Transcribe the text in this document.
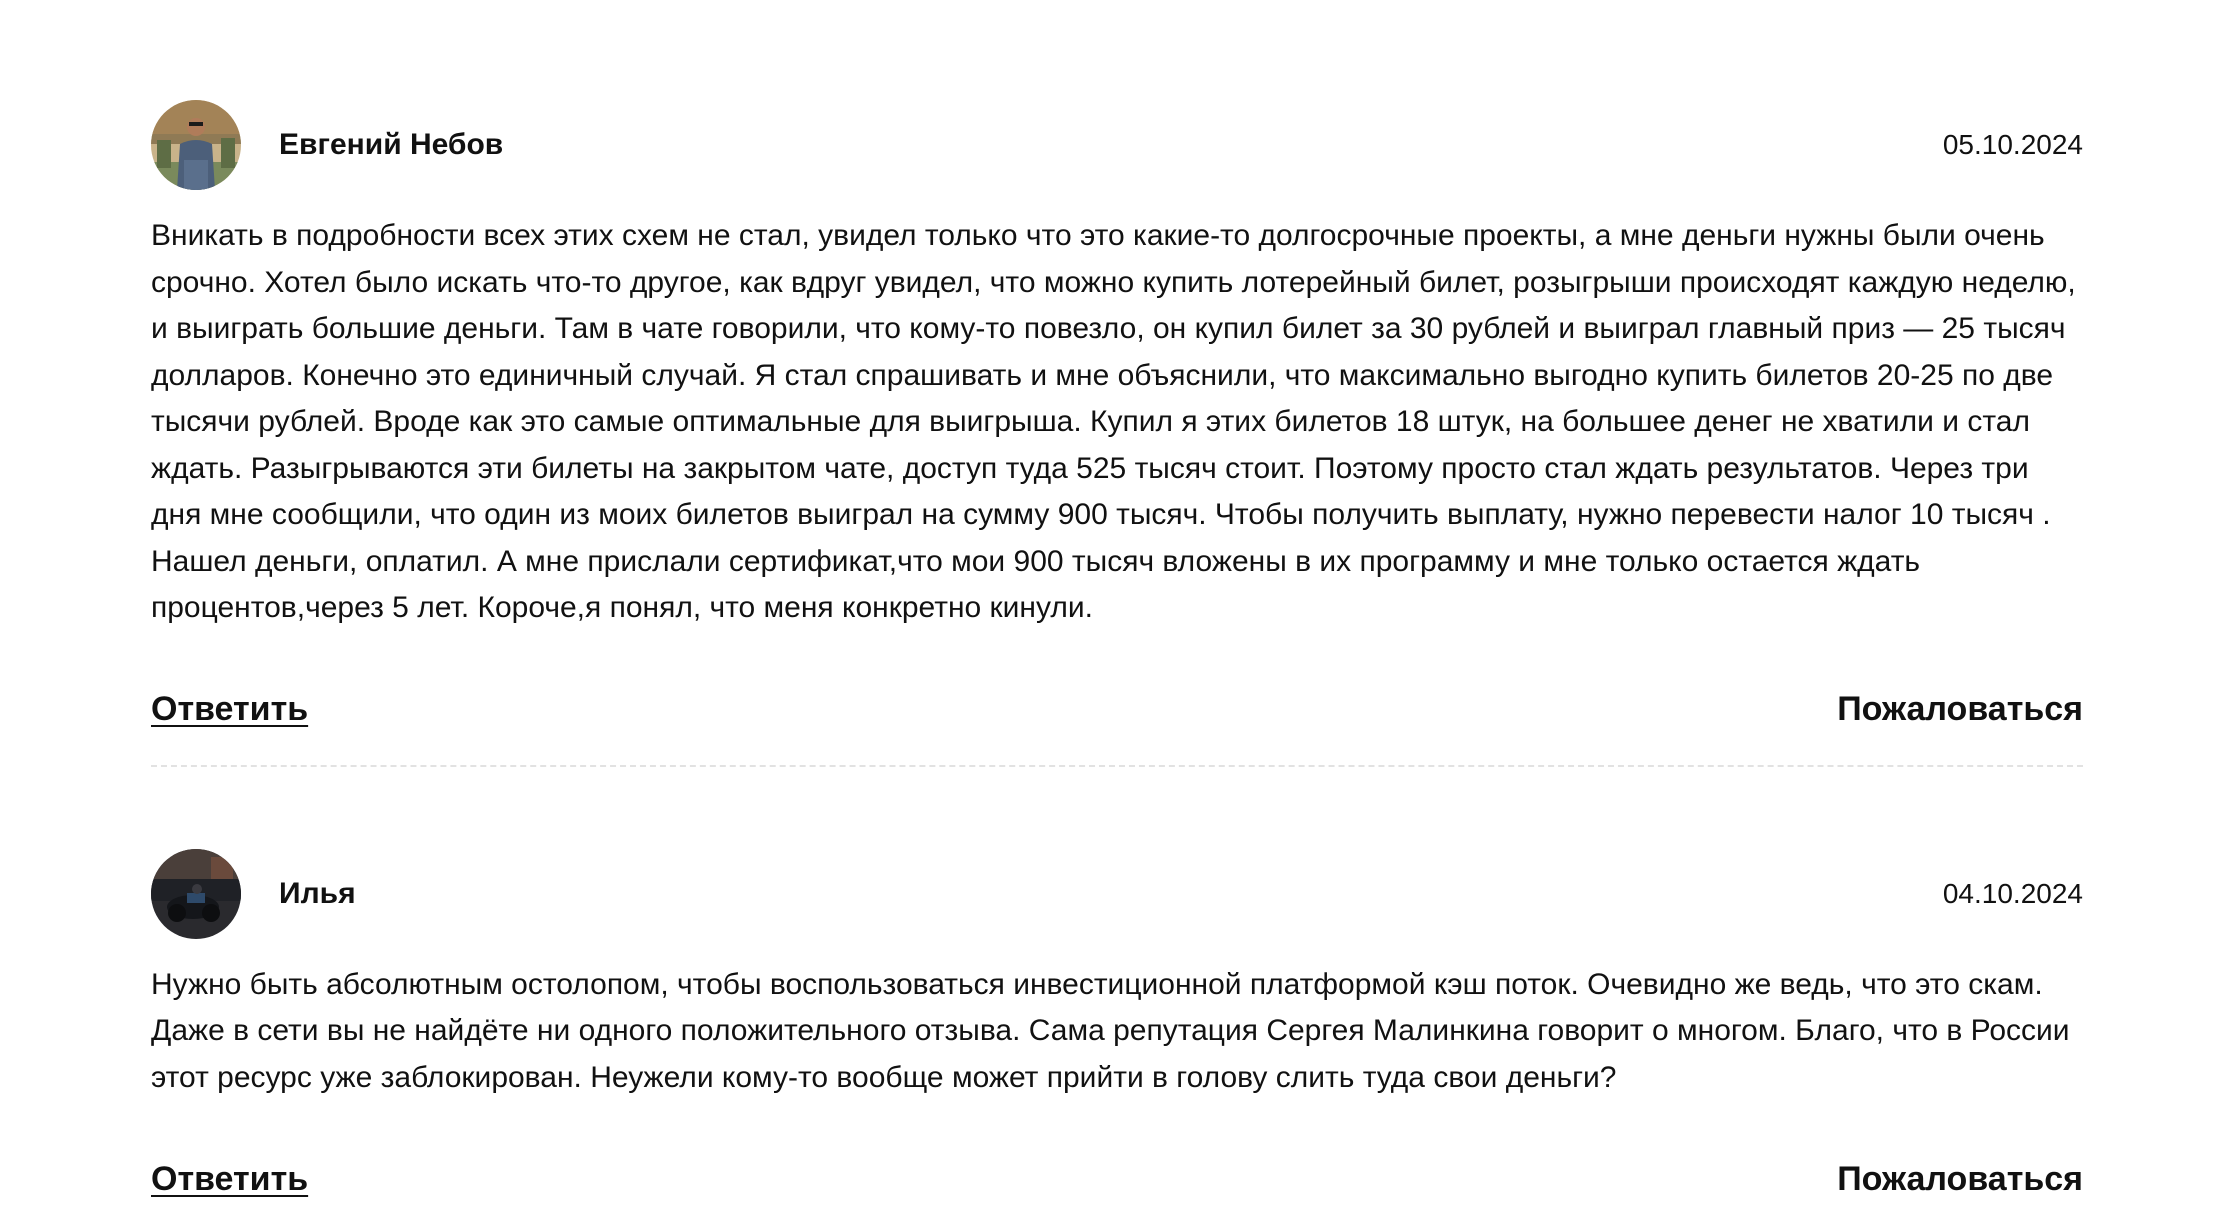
Евгений Небов	05.10.2024

Вникать в подробности всех этих схем не стал, увидел только что это какие-то долгосрочные проекты, а мне деньги нужны были очень срочно. Хотел было искать что-то другое, как вдруг увидел, что можно купить лотерейный билет, розыгрыши происходят каждую неделю, и выиграть большие деньги. Там в чате говорили, что кому-то повезло, он купил билет за 30 рублей и выиграл главный приз — 25 тысяч долларов. Конечно это единичный случай. Я стал спрашивать и мне объяснили, что максимально выгодно купить билетов 20-25 по две тысячи рублей. Вроде как это самые оптимальные для выигрыша. Купил я этих билетов 18 штук, на большее денег не хватили и стал ждать. Разыгрываются эти билеты на закрытом чате, доступ туда 525 тысяч стоит. Поэтому просто стал ждать результатов. Через три дня мне сообщили, что один из моих билетов выиграл на сумму 900 тысяч. Чтобы получить выплату, нужно перевести налог 10 тысяч . Нашел деньги, оплатил. А мне прислали сертификат,что мои 900 тысяч вложены в их программу и мне только остается ждать процентов,через 5 лет. Короче,я понял, что меня конкретно кинули.

Ответить	Пожаловаться
Илья	04.10.2024

Нужно быть абсолютным остолопом, чтобы воспользоваться инвестиционной платформой кэш поток. Очевидно же ведь, что это скам. Даже в сети вы не найдёте ни одного положительного отзыва. Сама репутация Сергея Малинкина говорит о многом. Благо, что в России этот ресурс уже заблокирован. Неужели кому-то вообще может прийти в голову слить туда свои деньги?

Ответить	Пожаловаться
